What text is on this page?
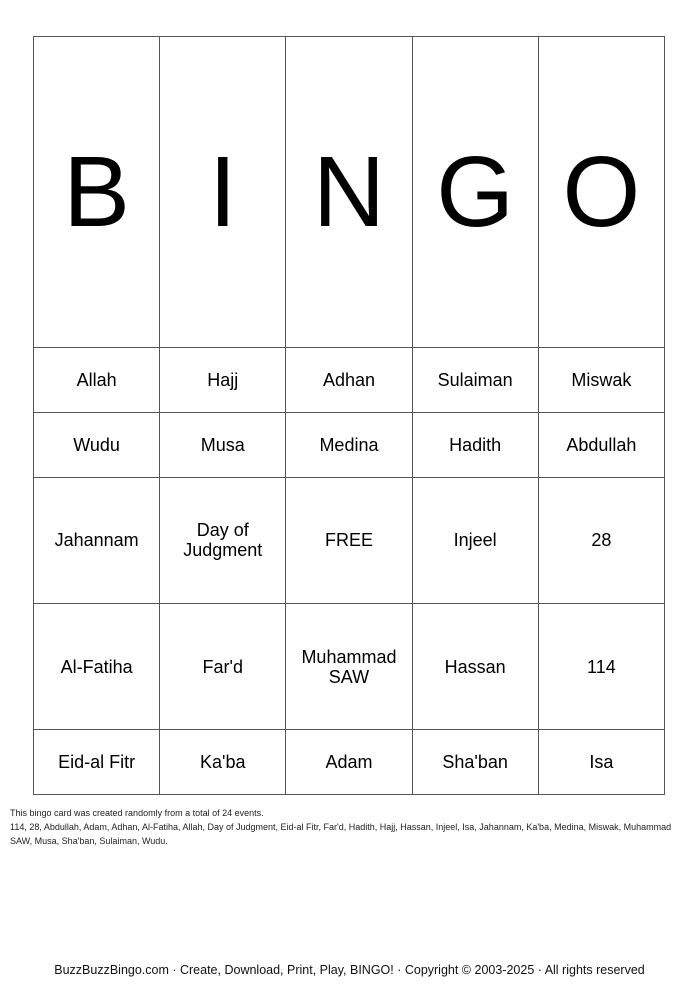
B	I	N	G	O
Allah	Hajj	Adhan	Sulaiman	Miswak
Wudu	Musa	Medina	Hadith	Abdullah
Jahannam	Day of Judgment	FREE	Injeel	28
Al-Fatiha	Far'd	Muhammad SAW	Hassan	114
Eid-al Fitr	Ka'ba	Adam	Sha'ban	Isa
This bingo card was created randomly from a total of 24 events.
114, 28, Abdullah, Adam, Adhan, Al-Fatiha, Allah, Day of Judgment, Eid-al Fitr, Far'd, Hadith, Hajj, Hassan, Injeel, Isa, Jahannam, Ka'ba, Medina, Miswak, Muhammad SAW, Musa, Sha'ban, Sulaiman, Wudu.
BuzzBuzzBingo.com · Create, Download, Print, Play, BINGO! · Copyright © 2003-2025 · All rights reserved
